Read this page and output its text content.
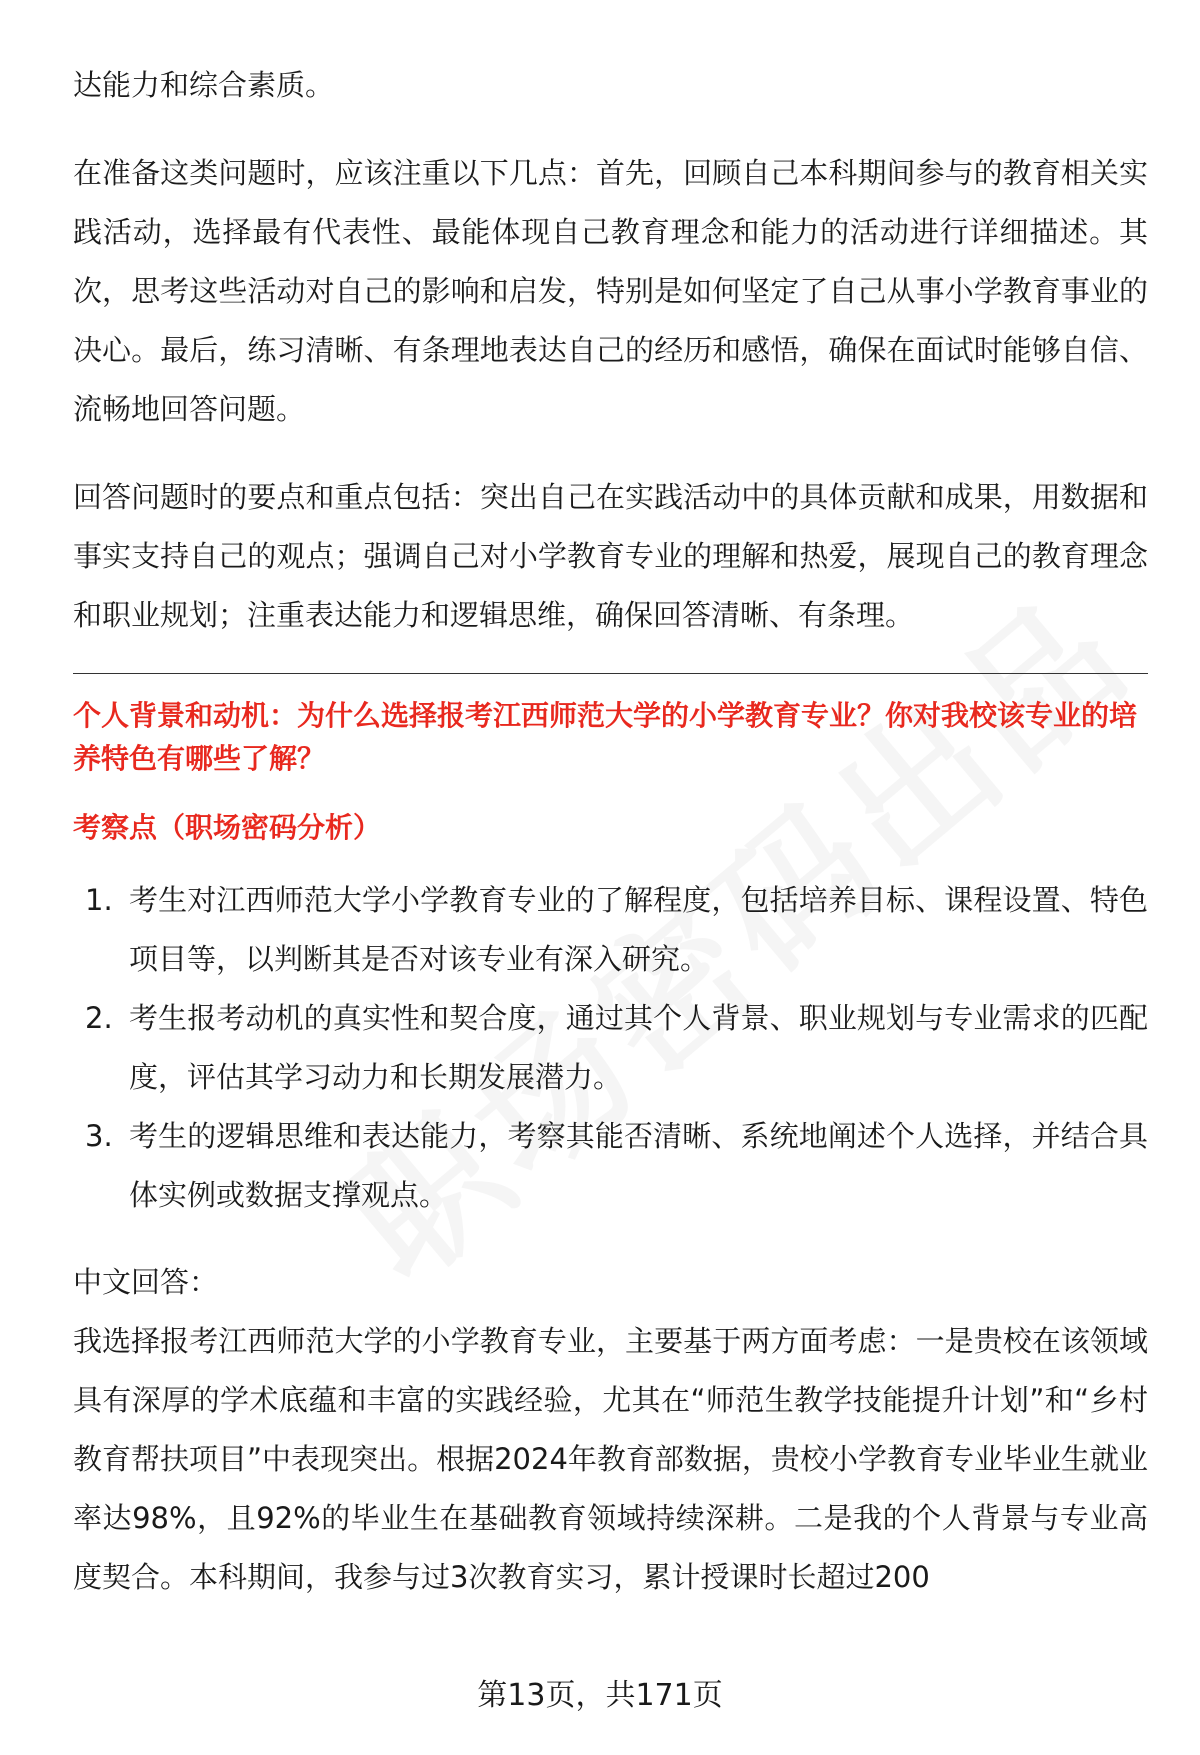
达能力和综合素质。

在准备这类问题时，应该注重以下几点：首先，回顾自己本科期间参与的教育相关实践活动，选择最有代表性、最能体现自己教育理念和能力的活动进行详细描述。其次，思考这些活动对自己的影响和启发，特别是如何坚定了自己从事小学教育事业的决心。最后，练习清晰、有条理地表达自己的经历和感悟，确保在面试时能够自信、流畅地回答问题。

回答问题时的要点和重点包括：突出自己在实践活动中的具体贡献和成果，用数据和事实支持自己的观点；强调自己对小学教育专业的理解和热爱，展现自己的教育理念和职业规划；注重表达能力和逻辑思维，确保回答清晰、有条理。

个人背景和动机：为什么选择报考江西师范大学的小学教育专业？你对我校该专业的培养特色有哪些了解？

考察点（职场密码分析）

1. 考生对江西师范大学小学教育专业的了解程度，包括培养目标、课程设置、特色项目等，以判断其是否对该专业有深入研究。
2. 考生报考动机的真实性和契合度，通过其个人背景、职业规划与专业需求的匹配度，评估其学习动力和长期发展潜力。
3. 考生的逻辑思维和表达能力，考察其能否清晰、系统地阐述个人选择，并结合具体实例或数据支撑观点。

中文回答：

我选择报考江西师范大学的小学教育专业，主要基于两方面考虑：一是贵校在该领域具有深厚的学术底蕴和丰富的实践经验，尤其在“师范生教学技能提升计划”和“乡村教育帮扶项目”中表现突出。根据2024年教育部数据，贵校小学教育专业毕业生就业率达98%，且92%的毕业生在基础教育领域持续深耕。二是我的个人背景与专业高度契合。本科期间，我参与过3次教育实习，累计授课时长超过200

第13页，共171页
